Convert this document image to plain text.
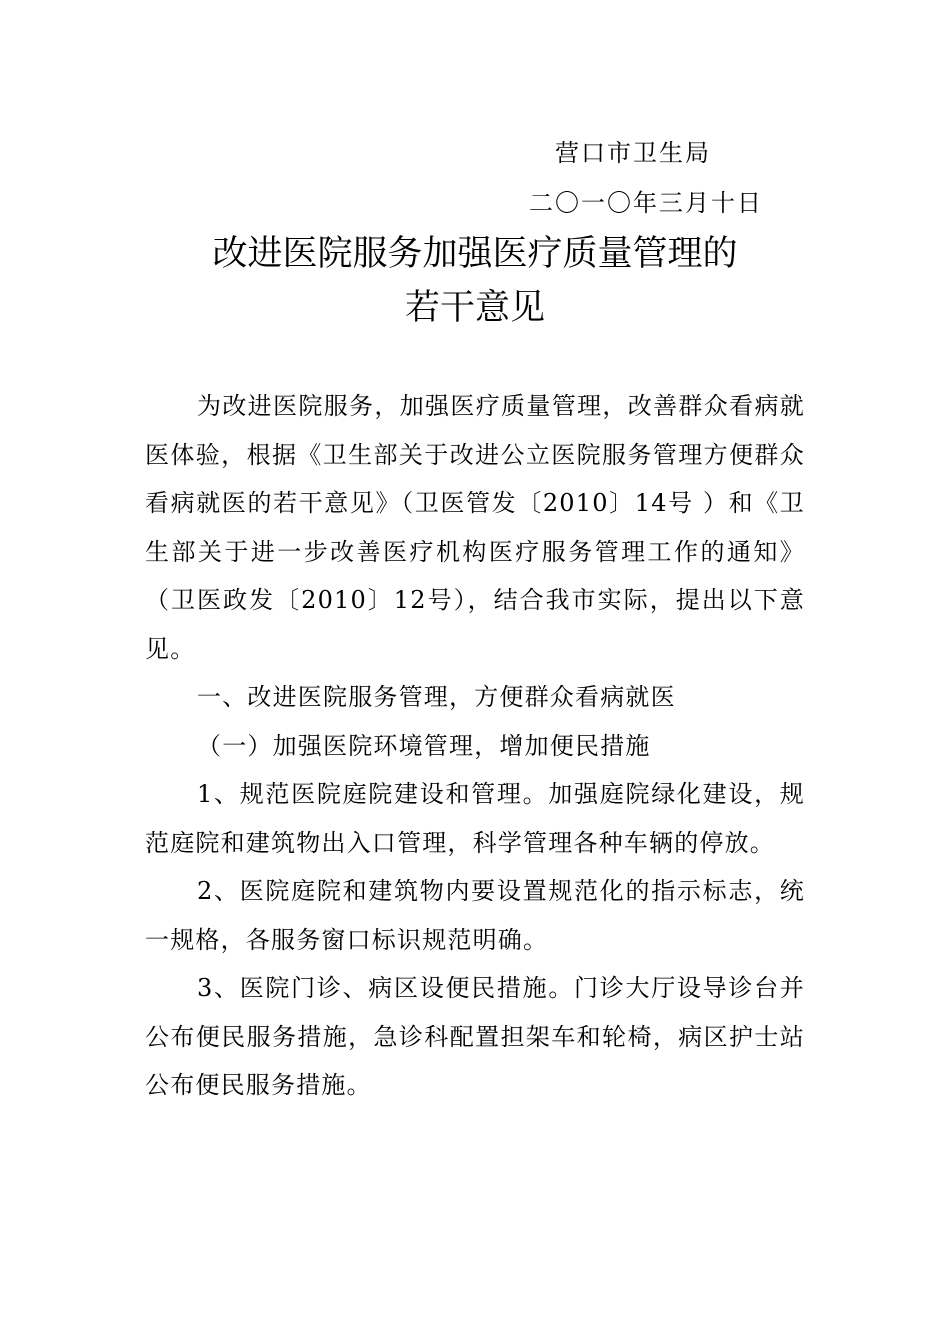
营口市卫生局
二〇一〇年三月十日
改进医院服务加强医疗质量管理的
若干意见

为改进医院服务，加强医疗质量管理，改善群众看病就医体验，根据《卫生部关于改进公立医院服务管理方便群众看病就医的若干意见》（卫医管发〔2010〕14号 ）和《卫生部关于进一步改善医疗机构医疗服务管理工作的通知》（卫医政发〔2010〕12号），结合我市实际，提出以下意见。

一、改进医院服务管理，方便群众看病就医

（一）加强医院环境管理，增加便民措施

1、规范医院庭院建设和管理。加强庭院绿化建设，规范庭院和建筑物出入口管理，科学管理各种车辆的停放。

2、医院庭院和建筑物内要设置规范化的指示标志，统一规格，各服务窗口标识规范明确。

3、医院门诊、病区设便民措施。门诊大厅设导诊台并公布便民服务措施，急诊科配置担架车和轮椅，病区护士站公布便民服务措施。
